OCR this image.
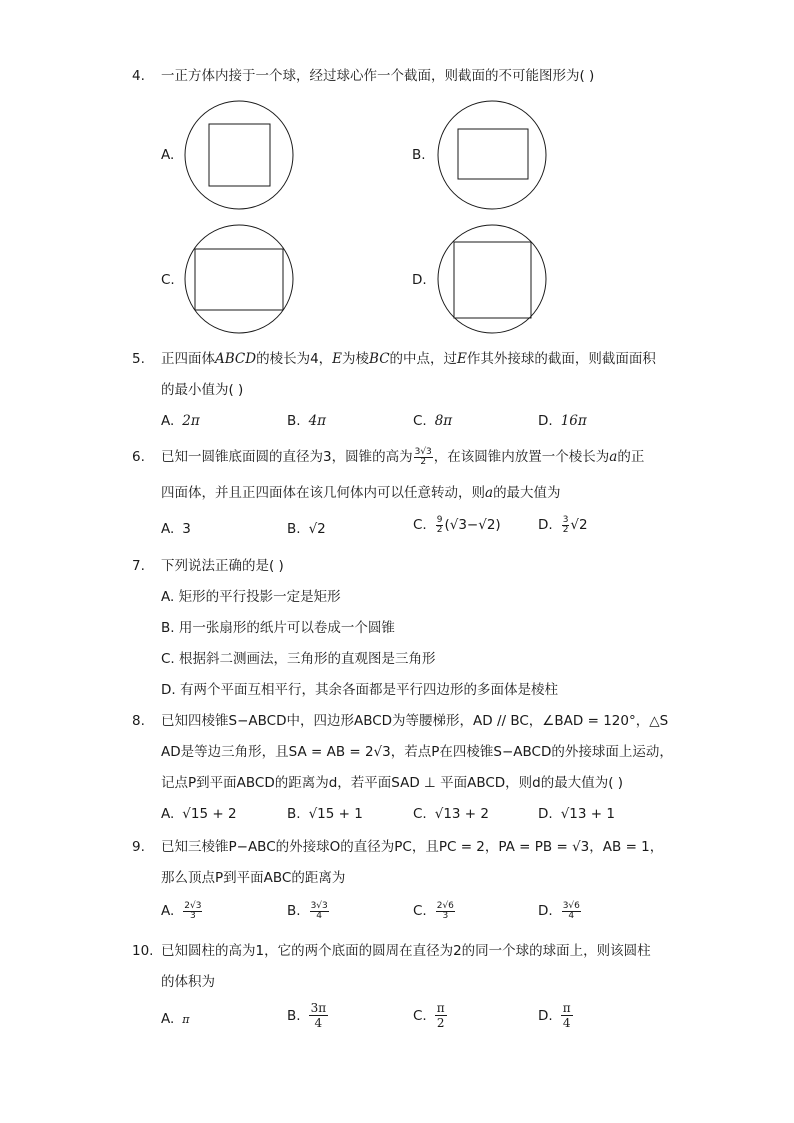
4. 一正方体内接于一个球，经过球心作一个截面，则截面的不可能图形为( )
A.	B.
C.	D.
5. 正四面体ABCD的棱长为4，E为棱BC的中点，过E作其外接球的截面，则截面面积
的最小值为( )
A. 2π	B. 4π	C. 8π	D. 16π
6. 已知一圆锥底面圆的直径为3，圆锥的高为 $\frac{3√3}{2}$ ，在该圆锥内放置一个棱长为a的正
四面体，并且正四面体在该几何体内可以任意转动，则a的最大值为
A. 3	B. √2	C. $\frac{9}{2} (√3-√2)$	D. $\frac{3}{2} √2$
7. 下列说法正确的是( )
A. 矩形的平行投影一定是矩形
B. 用一张扇形的纸片可以卷成一个圆锥
C. 根据斜二测画法，三角形的直观图是三角形
D. 有两个平面互相平行，其余各面都是平行四边形的多面体是棱柱
8. 已知四棱锥S−ABCD中，四边形ABCD为等腰梯形，AD // BC，∠BAD = 120°，△S
AD是等边三角形，且SA = AB = 2√3，若点P在四棱锥S−ABCD的外接球面上运动，
记点P到平面ABCD的距离为d，若平面SAD ⊥ 平面ABCD，则d的最大值为( )
A. √15 + 2	B. √15 + 1	C. √13 + 2	D. √13 + 1
9. 已知三棱锥P−ABC的外接球O的直径为PC，且PC = 2，PA = PB = √3，AB = 1，
那么顶点P到平面ABC的距离为
A. $\frac{2√3}{3}$	B. $\frac{3√3}{4}$	C. $\frac{2√6}{3}$	D. $\frac{3√6}{4}$
10. 已知圆柱的高为1，它的两个底面的圆周在直径为2的同一个球的球面上，则该圆柱
的体积为
A. π	B. $\frac{3\pi}{4}$	C. $\frac{\pi}{2}$	D. $\frac{\pi}{4}$
